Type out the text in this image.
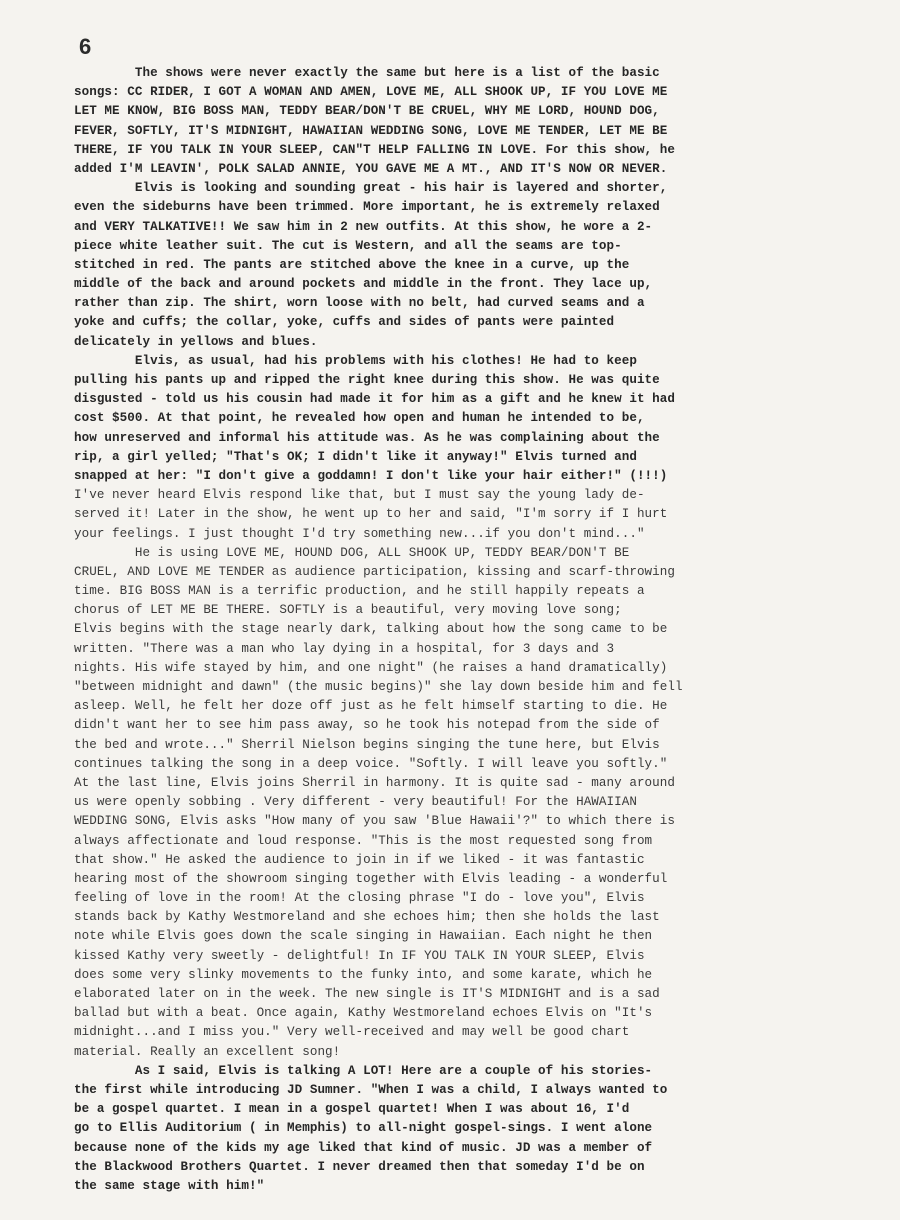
6
The shows were never exactly the same but here is a list of the basic
songs: CC RIDER, I GOT A WOMAN AND AMEN, LOVE ME, ALL SHOOK UP, IF YOU LOVE ME
LET ME KNOW, BIG BOSS MAN, TEDDY BEAR/DON'T BE CRUEL, WHY ME LORD, HOUND DOG,
FEVER, SOFTLY, IT'S MIDNIGHT, HAWAIIAN WEDDING SONG, LOVE ME TENDER, LET ME BE
THERE, IF YOU TALK IN YOUR SLEEP, CAN"T HELP FALLING IN LOVE. For this show, he
added I'M LEAVIN', POLK SALAD ANNIE, YOU GAVE ME A MT., AND IT'S NOW OR NEVER.
Elvis is looking and sounding great - his hair is layered and shorter,
even the sideburns have been trimmed. More important, he is extremely relaxed
and VERY TALKATIVE!! We saw him in 2 new outfits. At this show, he wore a 2-
piece white leather suit. The cut is Western, and all the seams are top-
stitched in red. The pants are stitched above the knee in a curve, up the
middle of the back and around pockets and middle in the front. They lace up,
rather than zip. The shirt, worn loose with no belt, had curved seams and a
yoke and cuffs; the collar, yoke, cuffs and sides of pants were painted
delicately in yellows and blues.
Elvis, as usual, had his problems with his clothes! He had to keep
pulling his pants up and ripped the right knee during this show. He was quite
disgusted - told us his cousin had made it for him as a gift and he knew it had
cost $500. At that point, he revealed how open and human he intended to be,
how unreserved and informal his attitude was. As he was complaining about the
rip, a girl yelled; "That's OK; I didn't like it anyway!" Elvis turned and
snapped at her: "I don't give a goddamn! I don't like your hair either!" (!!!)
I've never heard Elvis respond like that, but I must say the young lady de-
served it! Later in the show, he went up to her and said, "I'm sorry if I hurt
your feelings. I just thought I'd try something new...if you don't mind..."
He is using LOVE ME, HOUND DOG, ALL SHOOK UP, TEDDY BEAR/DON'T BE
CRUEL, AND LOVE ME TENDER as audience participation, kissing and scarf-throwing
time. BIG BOSS MAN is a terrific production, and he still happily repeats a
chorus of LET ME BE THERE. SOFTLY is a beautiful, very moving love song;
Elvis begins with the stage nearly dark, talking about how the song came to be
written. "There was a man who lay dying in a hospital, for 3 days and 3
nights. His wife stayed by him, and one night" (he raises a hand dramatically)
"between midnight and dawn" (the music begins)" she lay down beside him and fell
asleep. Well, he felt her doze off just as he felt himself starting to die. He
didn't want her to see him pass away, so he took his notepad from the side of
the bed and wrote..." Sherril Nielson begins singing the tune here, but Elvis
continues talking the song in a deep voice. "Softly. I will leave you softly."
At the last line, Elvis joins Sherril in harmony. It is quite sad - many around
us were openly sobbing . Very different - very beautiful! For the HAWAIIAN
WEDDING SONG, Elvis asks "How many of you saw 'Blue Hawaii'?" to which there is
always affectionate and loud response. "This is the most requested song from
that show." He asked the audience to join in if we liked - it was fantastic
hearing most of the showroom singing together with Elvis leading - a wonderful
feeling of love in the room! At the closing phrase "I do - love you", Elvis
stands back by Kathy Westmoreland and she echoes him; then she holds the last
note while Elvis goes down the scale singing in Hawaiian. Each night he then
kissed Kathy very sweetly - delightful! In IF YOU TALK IN YOUR SLEEP, Elvis
does some very slinky movements to the funky into, and some karate, which he
elaborated later on in the week. The new single is IT'S MIDNIGHT and is a sad
ballad but with a beat. Once again, Kathy Westmoreland echoes Elvis on "It's
midnight...and I miss you." Very well-received and may well be good chart
material. Really an excellent song!
As I said, Elvis is talking A LOT! Here are a couple of his stories-
the first while introducing JD Sumner. "When I was a child, I always wanted to
be a gospel quartet. I mean in a gospel quartet! When I was about 16, I'd
go to Ellis Auditorium ( in Memphis) to all-night gospel-sings. I went alone
because none of the kids my age liked that kind of music. JD was a member of
the Blackwood Brothers Quartet. I never dreamed then that someday I'd be on
the same stage with him!"
